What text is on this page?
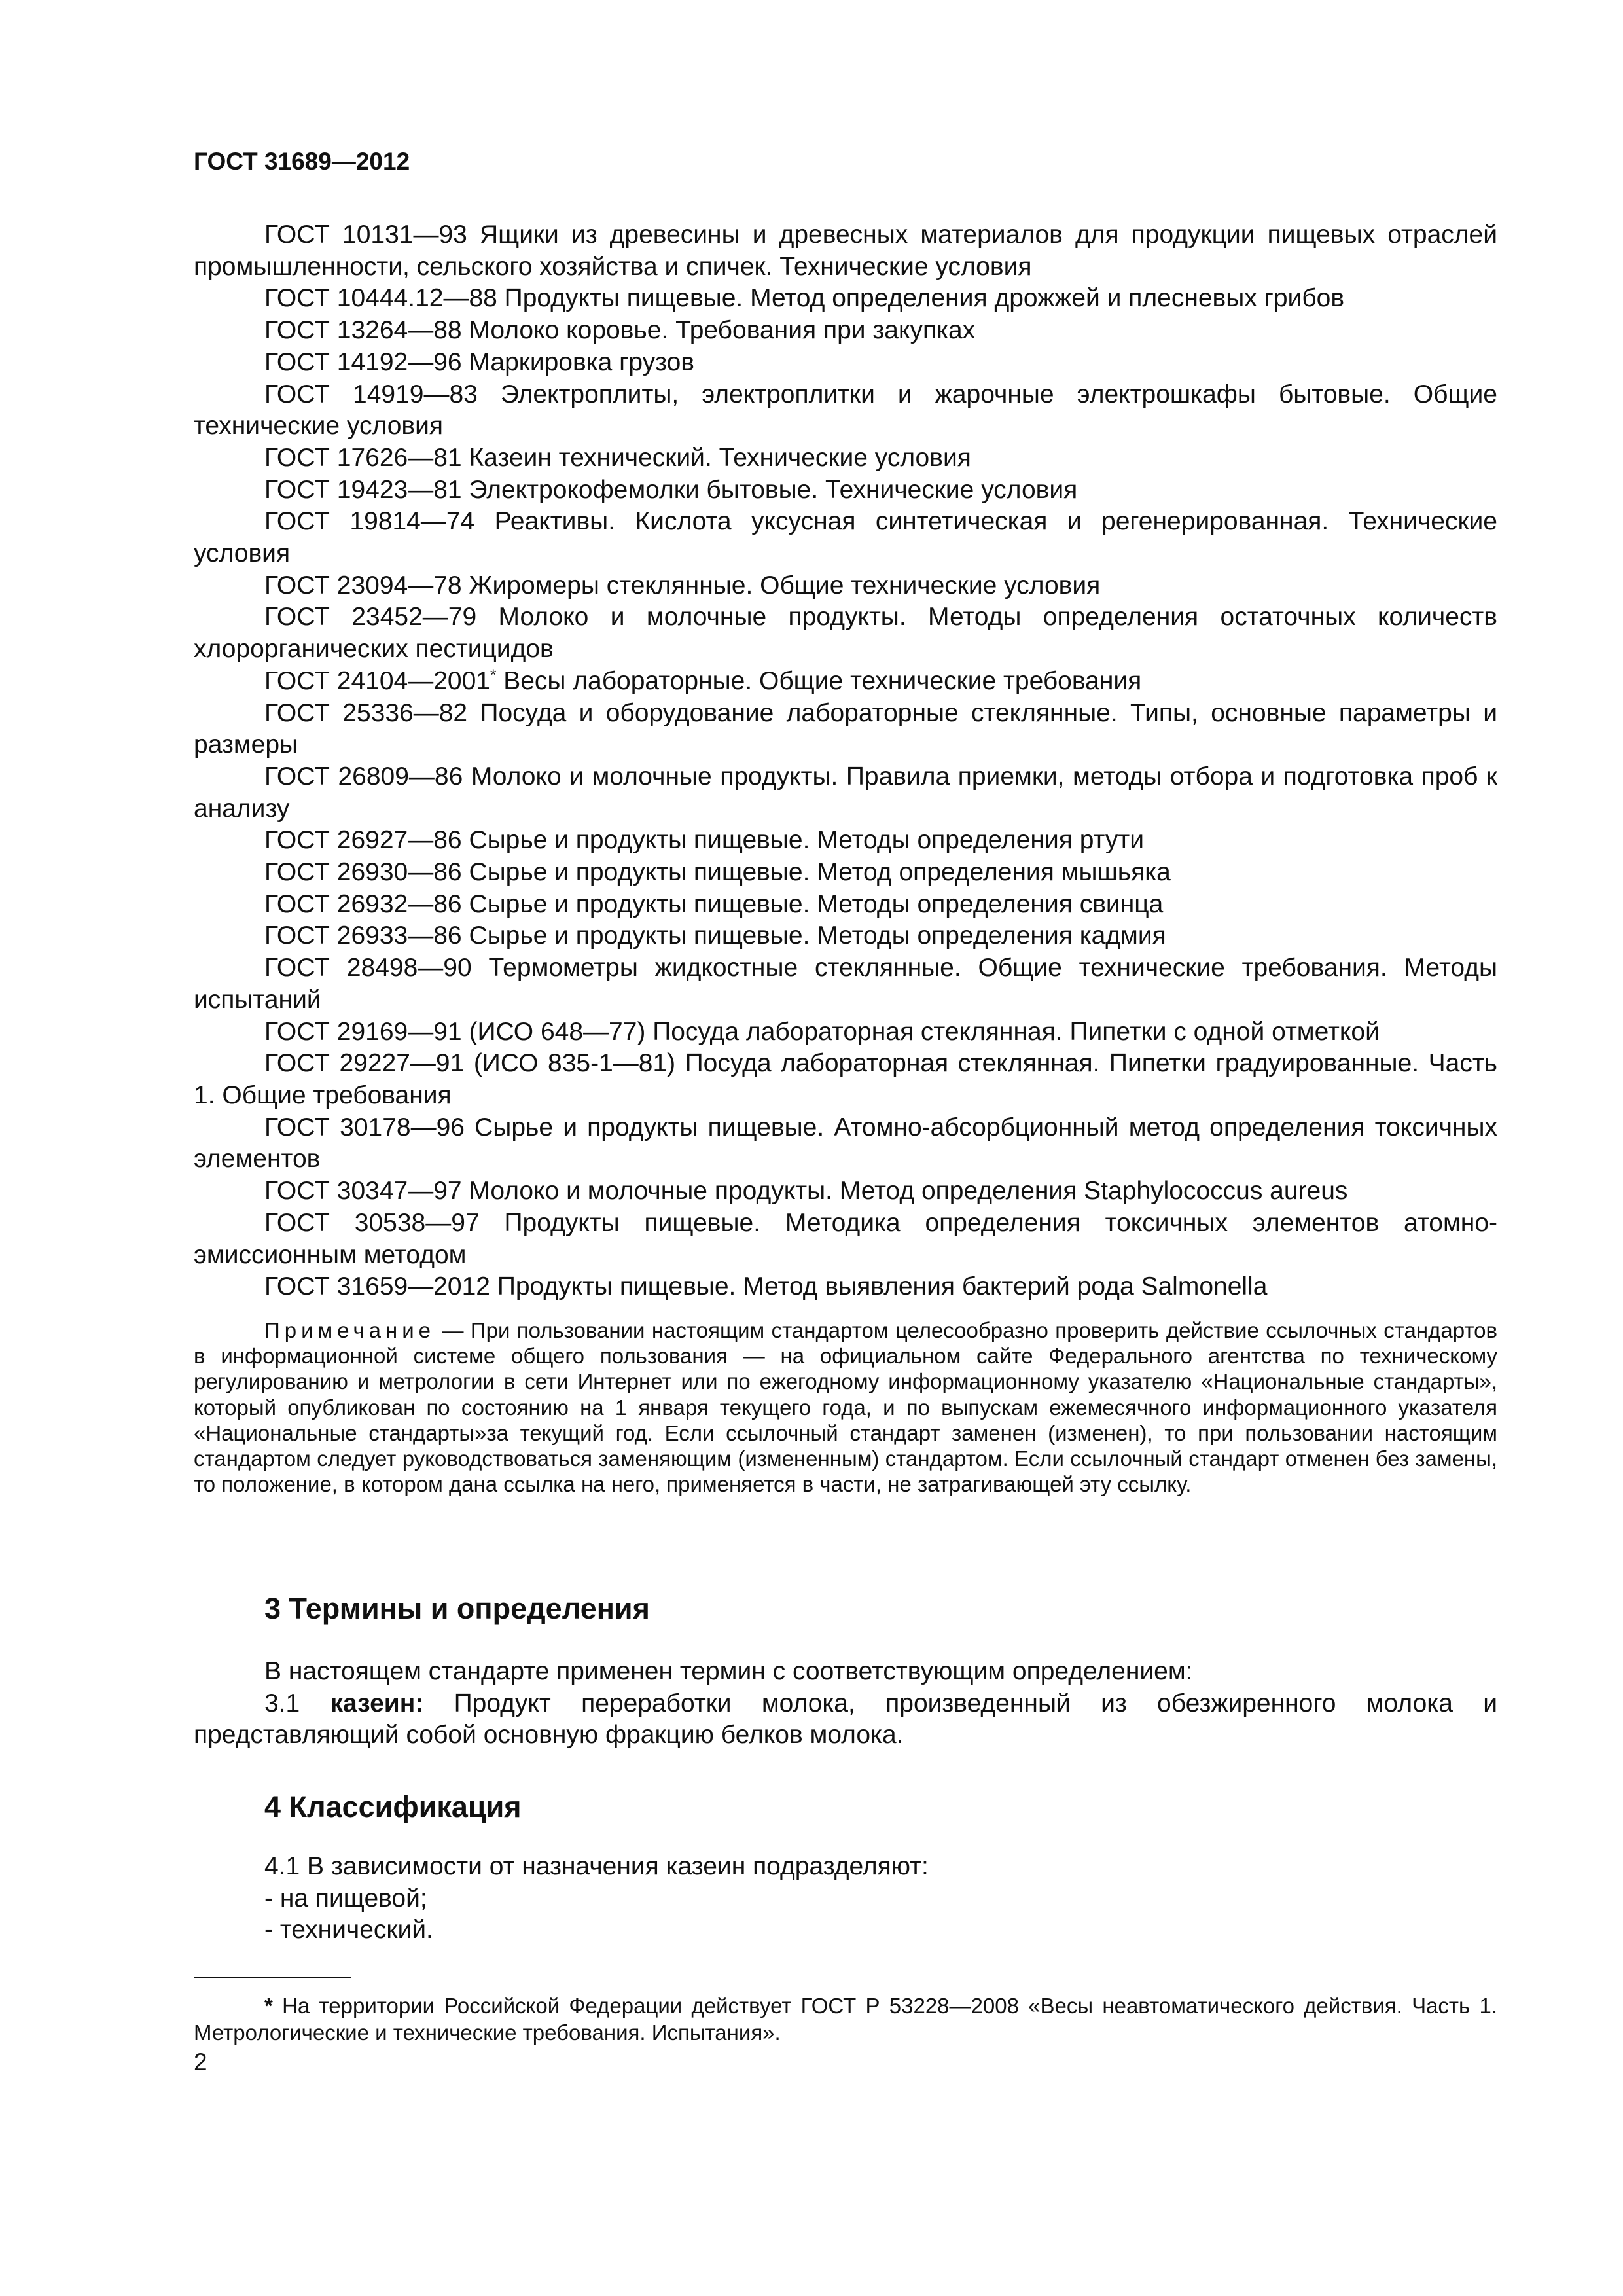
ГОСТ 31689—2012

ГОСТ 10131—93 Ящики из древесины и древесных материалов для продукции пищевых отраслей промышленности, сельского хозяйства и спичек. Технические условия

ГОСТ 10444.12—88 Продукты пищевые. Метод определения дрожжей и плесневых грибов

ГОСТ 13264—88 Молоко коровье. Требования при закупках

ГОСТ 14192—96 Маркировка грузов

ГОСТ 14919—83 Электроплиты, электроплитки и жарочные электрошкафы бытовые. Общие технические условия

ГОСТ 17626—81 Казеин технический. Технические условия

ГОСТ 19423—81 Электрокофемолки бытовые. Технические условия

ГОСТ 19814—74 Реактивы. Кислота уксусная синтетическая и регенерированная. Технические условия

ГОСТ 23094—78 Жиромеры стеклянные. Общие технические условия

ГОСТ 23452—79 Молоко и молочные продукты. Методы определения остаточных количеств хлорорганических пестицидов

ГОСТ 24104—2001* Весы лабораторные. Общие технические требования

ГОСТ 25336—82 Посуда и оборудование лабораторные стеклянные. Типы, основные параметры и размеры

ГОСТ 26809—86 Молоко и молочные продукты. Правила приемки, методы отбора и подготовка проб к анализу

ГОСТ 26927—86 Сырье и продукты пищевые. Методы определения ртути

ГОСТ 26930—86 Сырье и продукты пищевые. Метод определения мышьяка

ГОСТ 26932—86 Сырье и продукты пищевые. Методы определения свинца

ГОСТ 26933—86 Сырье и продукты пищевые. Методы определения кадмия

ГОСТ 28498—90 Термометры жидкостные стеклянные. Общие технические требования. Методы испытаний

ГОСТ 29169—91 (ИСО 648—77) Посуда лабораторная стеклянная. Пипетки с одной отметкой

ГОСТ 29227—91 (ИСО 835-1—81) Посуда лабораторная стеклянная. Пипетки градуированные. Часть 1. Общие требования

ГОСТ 30178—96 Сырье и продукты пищевые. Атомно-абсорбционный метод определения токсичных элементов

ГОСТ 30347—97 Молоко и молочные продукты. Метод определения Staphylococcus aureus

ГОСТ 30538—97 Продукты пищевые. Методика определения токсичных элементов атомно-эмиссионным методом

ГОСТ 31659—2012 Продукты пищевые. Метод выявления бактерий рода Salmonella

Примечание — При пользовании настоящим стандартом целесообразно проверить действие ссылочных стандартов в информационной системе общего пользования — на официальном сайте Федерального агентства по техническому регулированию и метрологии в сети Интернет или по ежегодному информационному указателю «Национальные стандарты», который опубликован по состоянию на 1 января текущего года, и по выпускам ежемесячного информационного указателя «Национальные стандарты»за текущий год. Если ссылочный стандарт заменен (изменен), то при пользовании настоящим стандартом следует руководствоваться заменяющим (измененным) стандартом. Если ссылочный стандарт отменен без замены, то положение, в котором дана ссылка на него, применяется в части, не затрагивающей эту ссылку.

3 Термины и определения

В настоящем стандарте применен термин с соответствующим определением:

3.1 казеин: Продукт переработки молока, произведенный из обезжиренного молока и представляющий собой основную фракцию белков молока.

4 Классификация

4.1 В зависимости от назначения казеин подразделяют:

- на пищевой;

- технический.

* На территории Российской Федерации действует ГОСТ Р 53228—2008 «Весы неавтоматического действия. Часть 1. Метрологические и технические требования. Испытания».

2
